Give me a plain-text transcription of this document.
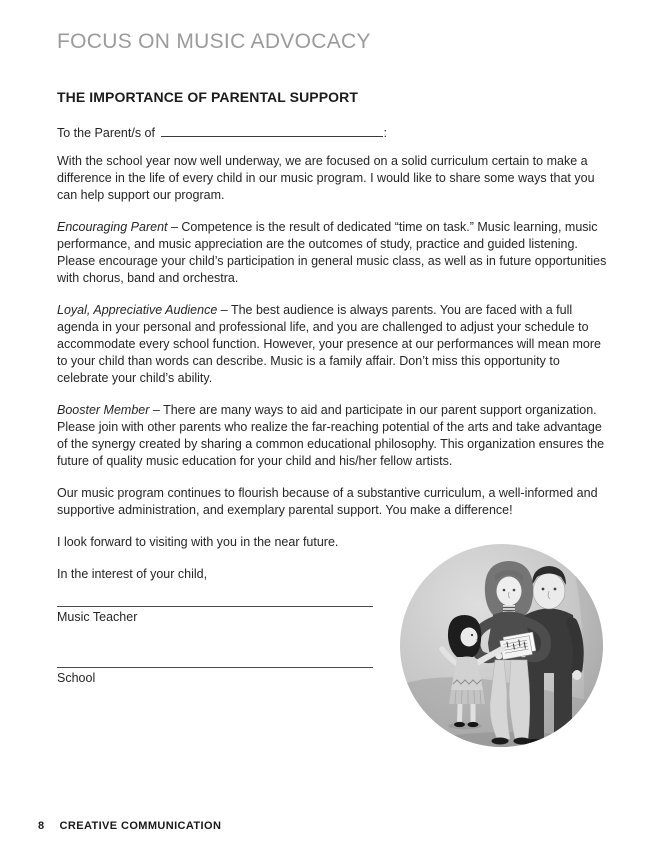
FOCUS ON MUSIC ADVOCACY
THE IMPORTANCE OF PARENTAL SUPPORT
To the Parent/s of	:

With the school year now well underway, we are focused on a solid curriculum certain to make a difference in the life of every child in our music program. I would like to share some ways that you can help support our program.

Encouraging Parent – Competence is the result of dedicated “time on task.” Music learning, music performance, and music appreciation are the outcomes of study, practice and guided listening. Please encourage your child’s participation in general music class, as well as in future opportunities with chorus, band and orchestra.

Loyal, Appreciative Audience – The best audience is always parents. You are faced with a full agenda in your personal and professional life, and you are challenged to adjust your schedule to accommodate every school function. However, your presence at our performances will mean more to your child than words can describe. Music is a family affair. Don’t miss this opportunity to celebrate your child’s ability.

Booster Member – There are many ways to aid and participate in our parent support organization. Please join with other parents who realize the far-reaching potential of the arts and take advantage of the synergy created by sharing a common educational philosophy. This organization ensures the future of quality music education for your child and his/her fellow artists.

Our music program continues to flourish because of a substantive curriculum, a well-informed and supportive administration, and exemplary parental support. You make a difference!

I look forward to visiting with you in the near future.

In the interest of your child,

Music Teacher
School
8 CREATIVE COMMUNICATION
